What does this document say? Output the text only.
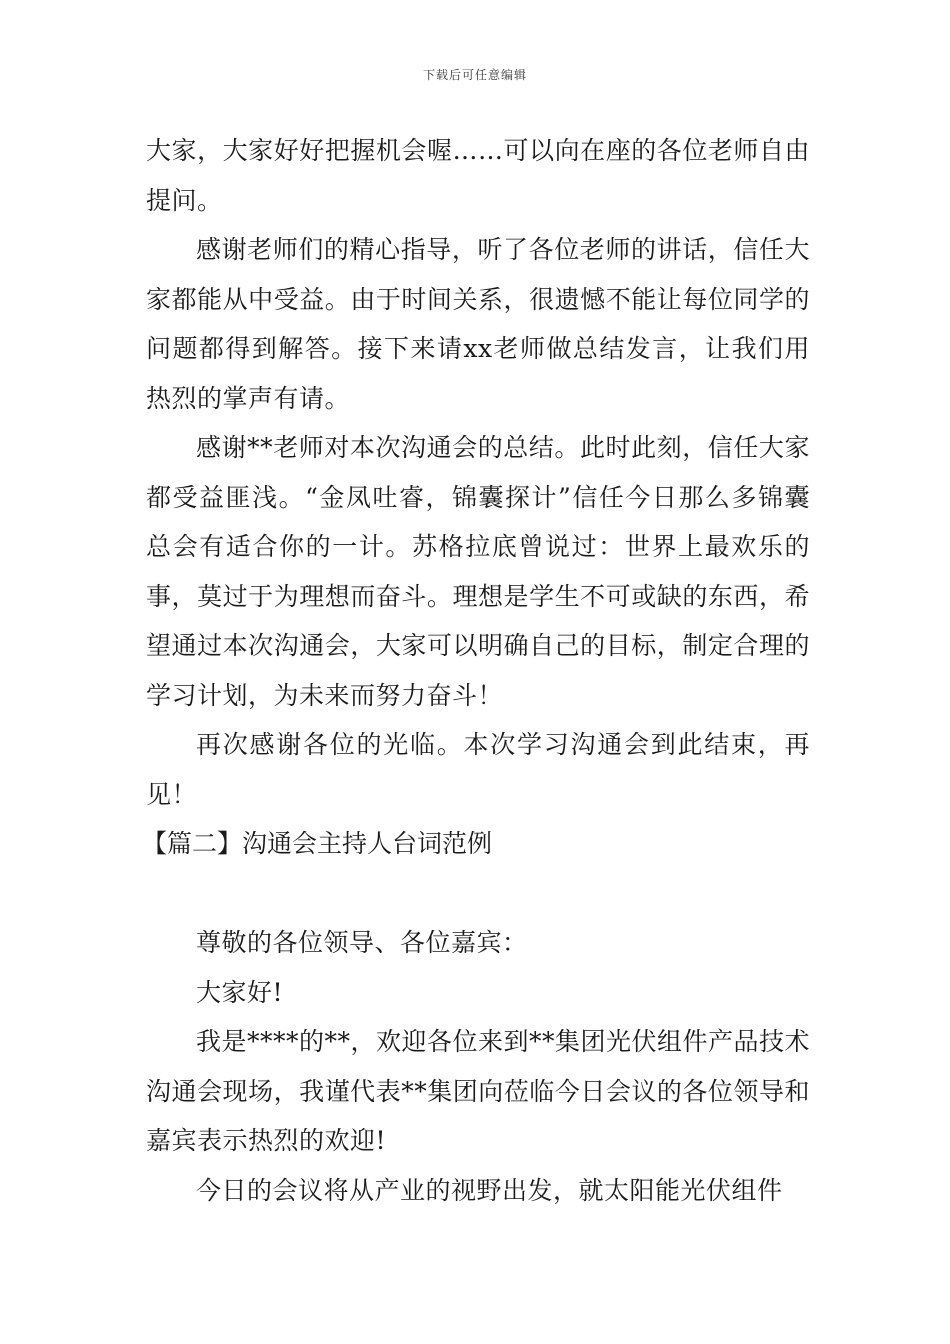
下载后可任意编辑

大家，大家好好把握机会喔……可以向在座的各位老师自由提问。

感谢老师们的精心指导，听了各位老师的讲话，信任大家都能从中受益。由于时间关系，很遗憾不能让每位同学的问题都得到解答。接下来请xx老师做总结发言，让我们用热烈的掌声有请。

感谢**老师对本次沟通会的总结。此时此刻，信任大家都受益匪浅。“金凤吐睿，锦囊探计”信任今日那么多锦囊总会有适合你的一计。苏格拉底曾说过：世界上最欢乐的事，莫过于为理想而奋斗。理想是学生不可或缺的东西，希望通过本次沟通会，大家可以明确自己的目标，制定合理的学习计划，为未来而努力奋斗！

再次感谢各位的光临。本次学习沟通会到此结束，再见！

【篇二】沟通会主持人台词范例

尊敬的各位领导、各位嘉宾：

大家好!

我是****的**，欢迎各位来到**集团光伏组件产品技术沟通会现场，我谨代表**集团向莅临今日会议的各位领导和嘉宾表示热烈的欢迎!

今日的会议将从产业的视野出发，就太阳能光伏组件
